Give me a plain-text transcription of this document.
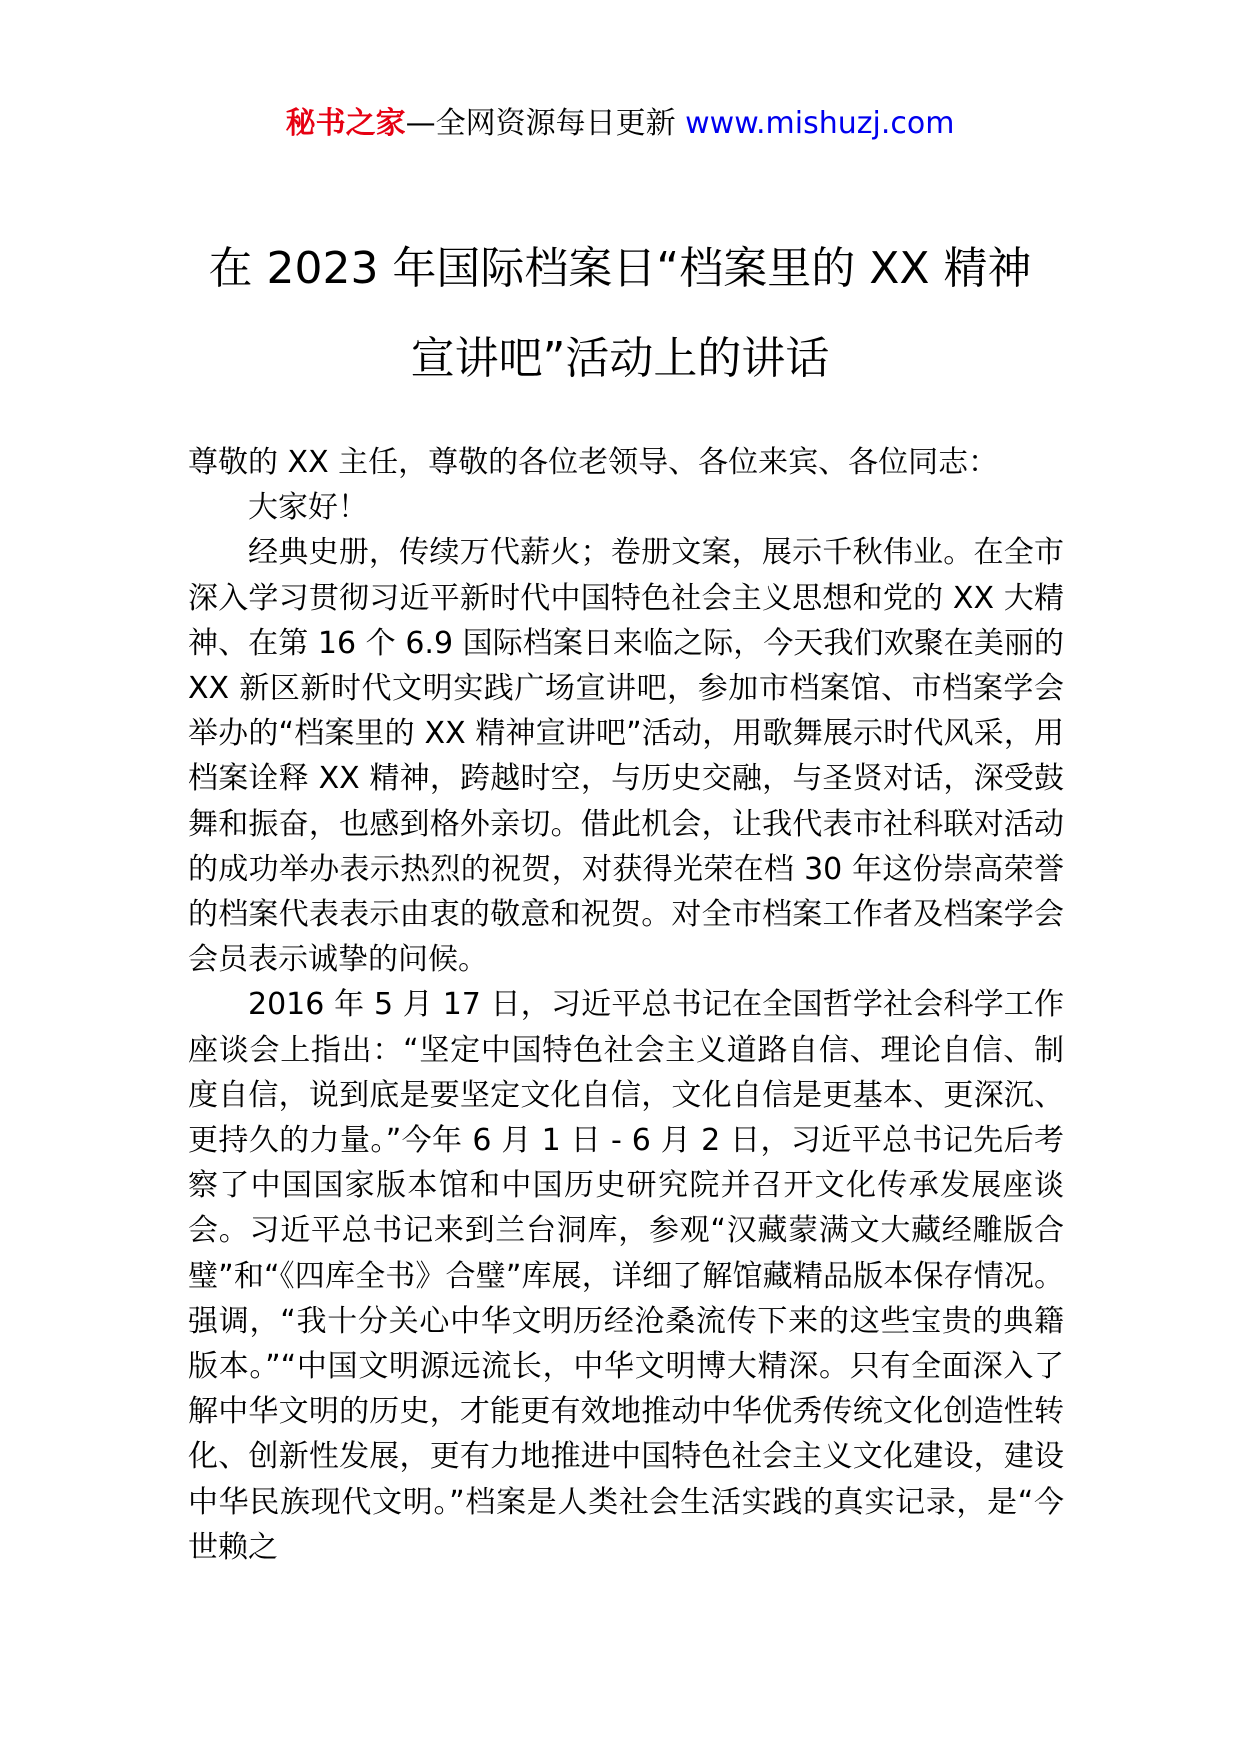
秘书之家—全网资源每日更新 www.mishuzj.com
在 2023 年国际档案日“档案里的 XX 精神
宣讲吧”活动上的讲话

尊敬的 XX 主任，尊敬的各位老领导、各位来宾、各位同志：

大家好！

经典史册，传续万代薪火；卷册文案，展示千秋伟业。在全市深入学习贯彻习近平新时代中国特色社会主义思想和党的 XX 大精神、在第 16 个 6.9 国际档案日来临之际，今天我们欢聚在美丽的 XX 新区新时代文明实践广场宣讲吧，参加市档案馆、市档案学会举办的“档案里的 XX 精神宣讲吧”活动，用歌舞展示时代风采，用档案诠释 XX 精神，跨越时空，与历史交融，与圣贤对话，深受鼓舞和振奋，也感到格外亲切。借此机会，让我代表市社科联对活动的成功举办表示热烈的祝贺，对获得光荣在档 30 年这份崇高荣誉的档案代表表示由衷的敬意和祝贺。对全市档案工作者及档案学会会员表示诚挚的问候。

2016 年 5 月 17 日，习近平总书记在全国哲学社会科学工作座谈会上指出：“坚定中国特色社会主义道路自信、理论自信、制度自信，说到底是要坚定文化自信，文化自信是更基本、更深沉、更持久的力量。”今年 6 月 1 日 - 6 月 2 日，习近平总书记先后考察了中国国家版本馆和中国历史研究院并召开文化传承发展座谈会。习近平总书记来到兰台洞库，参观“汉藏蒙满文大藏经雕版合璧”和“《四库全书》合璧”库展，详细了解馆藏精品版本保存情况。强调，“我十分关心中华文明历经沧桑流传下来的这些宝贵的典籍版本。”“中国文明源远流长，中华文明博大精深。只有全面深入了解中华文明的历史，才能更有效地推动中华优秀传统文化创造性转化、创新性发展，更有力地推进中国特色社会主义文化建设，建设中华民族现代文明。”档案是人类社会生活实践的真实记录，是“今世赖之
